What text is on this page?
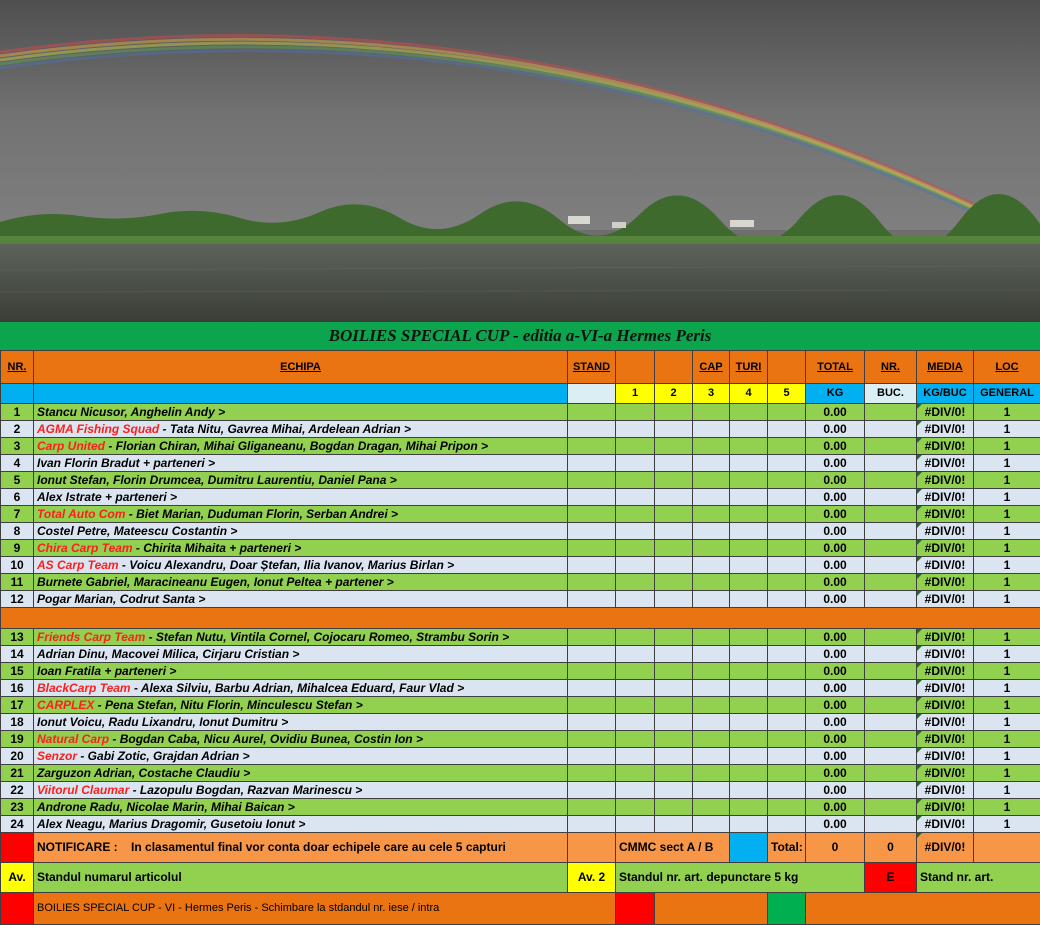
BOILIES SPECIAL CUP - editia a-VI-a Hermes Peris
NR.	ECHIPA	STAND			CAP	TURI		TOTAL	NR.	MEDIA	LOC
			1	2	3	4	5	KG	BUC.	KG/BUC	GENERAL
1	Stancu Nicusor, Anghelin Andy >							0.00		#DIV/0!	1
2	AGMA Fishing Squad - Tata Nitu, Gavrea Mihai, Ardelean Adrian >							0.00		#DIV/0!	1
3	Carp United - Florian Chiran, Mihai Gliganeanu, Bogdan Dragan, Mihai Pripon >							0.00		#DIV/0!	1
4	Ivan Florin Bradut + parteneri >							0.00		#DIV/0!	1
5	Ionut Stefan, Florin Drumcea, Dumitru Laurentiu, Daniel Pana >							0.00		#DIV/0!	1
6	Alex Istrate + parteneri >							0.00		#DIV/0!	1
7	Total Auto Com - Biet Marian, Duduman Florin, Serban Andrei >							0.00		#DIV/0!	1
8	Costel Petre, Mateescu Costantin >							0.00		#DIV/0!	1
9	Chira Carp Team - Chirita Mihaita + parteneri >							0.00		#DIV/0!	1
10	AS Carp Team - Voicu Alexandru, Doar Ștefan, Ilia Ivanov, Marius Birlan >							0.00		#DIV/0!	1
11	Burnete Gabriel, Maracineanu Eugen, Ionut Peltea + partener >							0.00		#DIV/0!	1
12	Pogar Marian, Codrut Santa >							0.00		#DIV/0!	1

13	Friends Carp Team - Stefan Nutu, Vintila Cornel, Cojocaru Romeo, Strambu Sorin >							0.00		#DIV/0!	1
14	Adrian Dinu, Macovei Milica, Cirjaru Cristian >							0.00		#DIV/0!	1
15	Ioan Fratila + parteneri >							0.00		#DIV/0!	1
16	BlackCarp Team - Alexa Silviu, Barbu Adrian, Mihalcea Eduard, Faur Vlad >							0.00		#DIV/0!	1
17	CARPLEX - Pena Stefan, Nitu Florin, Minculescu Stefan >							0.00		#DIV/0!	1
18	Ionut Voicu, Radu Lixandru, Ionut Dumitru >							0.00		#DIV/0!	1
19	Natural Carp - Bogdan Caba, Nicu Aurel, Ovidiu Bunea, Costin Ion >							0.00		#DIV/0!	1
20	Senzor - Gabi Zotic, Grajdan Adrian >							0.00		#DIV/0!	1
21	Zarguzon Adrian, Costache Claudiu >							0.00		#DIV/0!	1
22	Viitorul Claumar - Lazopulu Bogdan, Razvan Marinescu >							0.00		#DIV/0!	1
23	Androne Radu, Nicolae Marin, Mihai Baican >							0.00		#DIV/0!	1
24	Alex Neagu, Marius Dragomir, Gusetoiu Ionut >							0.00		#DIV/0!	1
	NOTIFICARE : In clasamentul final vor conta doar echipele care au cele 5 capturi		CMMC sect A / B				Total:	0	0	#DIV/0!	
Av.	Standul numarul articolul	Av. 2	Standul nr. art. depunctare 5 kg						E	Stand nr. art.	
	BOILIES SPECIAL CUP - VI - Hermes Peris - Schimbare la stdandul nr. iese / intra										
